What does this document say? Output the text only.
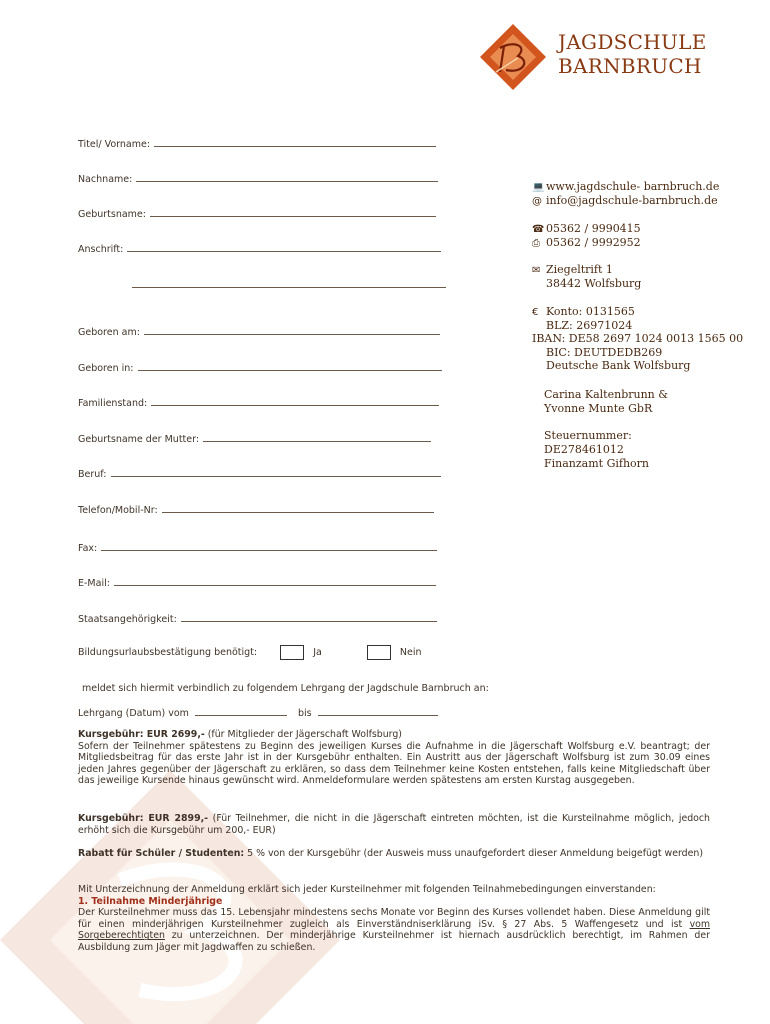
JAGDSCHULE
BARNBRUCH
Titel/ Vorname:
Nachname:
Geburtsname:
Anschrift:
Geboren am:
Geboren in:
Familienstand:
Geburtsname der Mutter:
Beruf:
Telefon/Mobil-Nr:
Fax:
E-Mail:
Staatsangehörigkeit:
Bildungsurlaubsbestätigung benötigt:	Ja	Nein
💻 www.jagdschule- barnbruch.de
@ info@jagdschule-barnbruch.de
☎ 05362 / 9990415
⎙ 05362 / 9992952
✉ Ziegeltrift 1
38442 Wolfsburg
€ Konto: 0131565
BLZ: 26971024
IBAN: DE58 2697 1024 0013 1565 00
BIC: DEUTDEDB269
Deutsche Bank Wolfsburg
Carina Kaltenbrunn &
Yvonne Munte GbR
Steuernummer:
DE278461012
Finanzamt Gifhorn
meldet sich hiermit verbindlich zu folgendem Lehrgang der Jagdschule Barnbruch an:
Lehrgang (Datum) vom	bis
Kursgebühr: EUR 2699,- (für Mitglieder der Jägerschaft Wolfsburg)
Sofern der Teilnehmer spätestens zu Beginn des jeweiligen Kurses die Aufnahme in die Jägerschaft Wolfsburg e.V. beantragt; der Mitgliedsbeitrag für das erste Jahr ist in der Kursgebühr enthalten. Ein Austritt aus der Jägerschaft Wolfsburg ist zum 30.09 eines jeden Jahres gegenüber der Jägerschaft zu erklären, so dass dem Teilnehmer keine Kosten entstehen, falls keine Mitgliedschaft über das jeweilige Kursende hinaus gewünscht wird. Anmeldeformulare werden spätestens am ersten Kurstag ausgegeben.
Kursgebühr: EUR 2899,- (Für Teilnehmer, die nicht in die Jägerschaft eintreten möchten, ist die Kursteilnahme möglich, jedoch erhöht sich die Kursgebühr um 200,- EUR)
Rabatt für Schüler / Studenten: 5 % von der Kursgebühr (der Ausweis muss unaufgefordert dieser Anmeldung beigefügt werden)
Mit Unterzeichnung der Anmeldung erklärt sich jeder Kursteilnehmer mit folgenden Teilnahmebedingungen einverstanden:
1. Teilnahme Minderjährige
Der Kursteilnehmer muss das 15. Lebensjahr mindestens sechs Monate vor Beginn des Kurses vollendet haben. Diese Anmeldung gilt für einen minderjährigen Kursteilnehmer zugleich als Einverständniserklärung iSv. § 27 Abs. 5 Waffengesetz und ist vom Sorgeberechtigten zu unterzeichnen. Der minderjährige Kursteilnehmer ist hiernach ausdrücklich berechtigt, im Rahmen der Ausbildung zum Jäger mit Jagdwaffen zu schießen.
